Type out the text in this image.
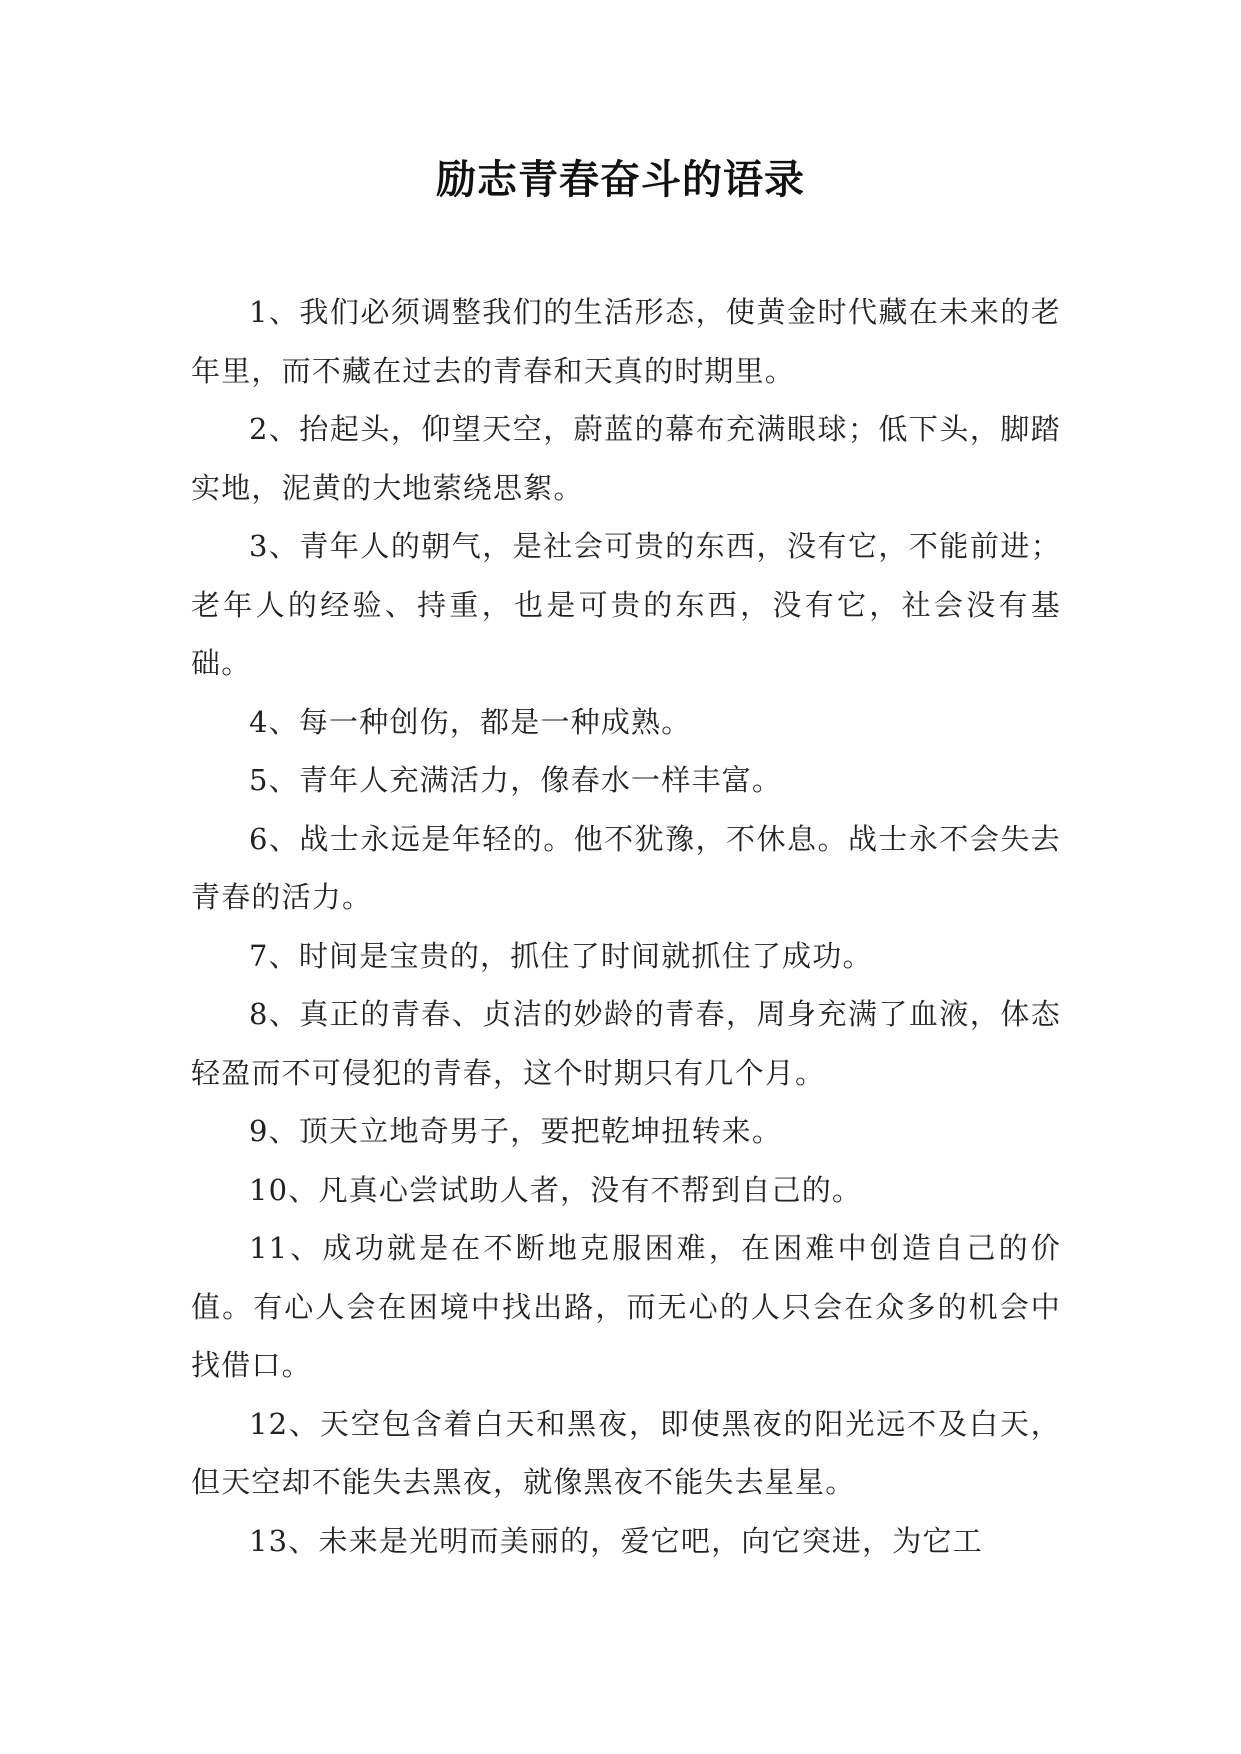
励志青春奋斗的语录

1、我们必须调整我们的生活形态，使黄金时代藏在未来的老年里，而不藏在过去的青春和天真的时期里。

2、抬起头，仰望天空，蔚蓝的幕布充满眼球；低下头，脚踏实地，泥黄的大地萦绕思絮。

3、青年人的朝气，是社会可贵的东西，没有它，不能前进；老年人的经验、持重，也是可贵的东西，没有它，社会没有基础。

4、每一种创伤，都是一种成熟。

5、青年人充满活力，像春水一样丰富。

6、战士永远是年轻的。他不犹豫，不休息。战士永不会失去青春的活力。

7、时间是宝贵的，抓住了时间就抓住了成功。

8、真正的青春、贞洁的妙龄的青春，周身充满了血液，体态轻盈而不可侵犯的青春，这个时期只有几个月。

9、顶天立地奇男子，要把乾坤扭转来。

10、凡真心尝试助人者，没有不帮到自己的。

11、成功就是在不断地克服困难，在困难中创造自己的价值。有心人会在困境中找出路，而无心的人只会在众多的机会中找借口。

12、天空包含着白天和黑夜，即使黑夜的阳光远不及白天，但天空却不能失去黑夜，就像黑夜不能失去星星。

13、未来是光明而美丽的，爱它吧，向它突进，为它工
